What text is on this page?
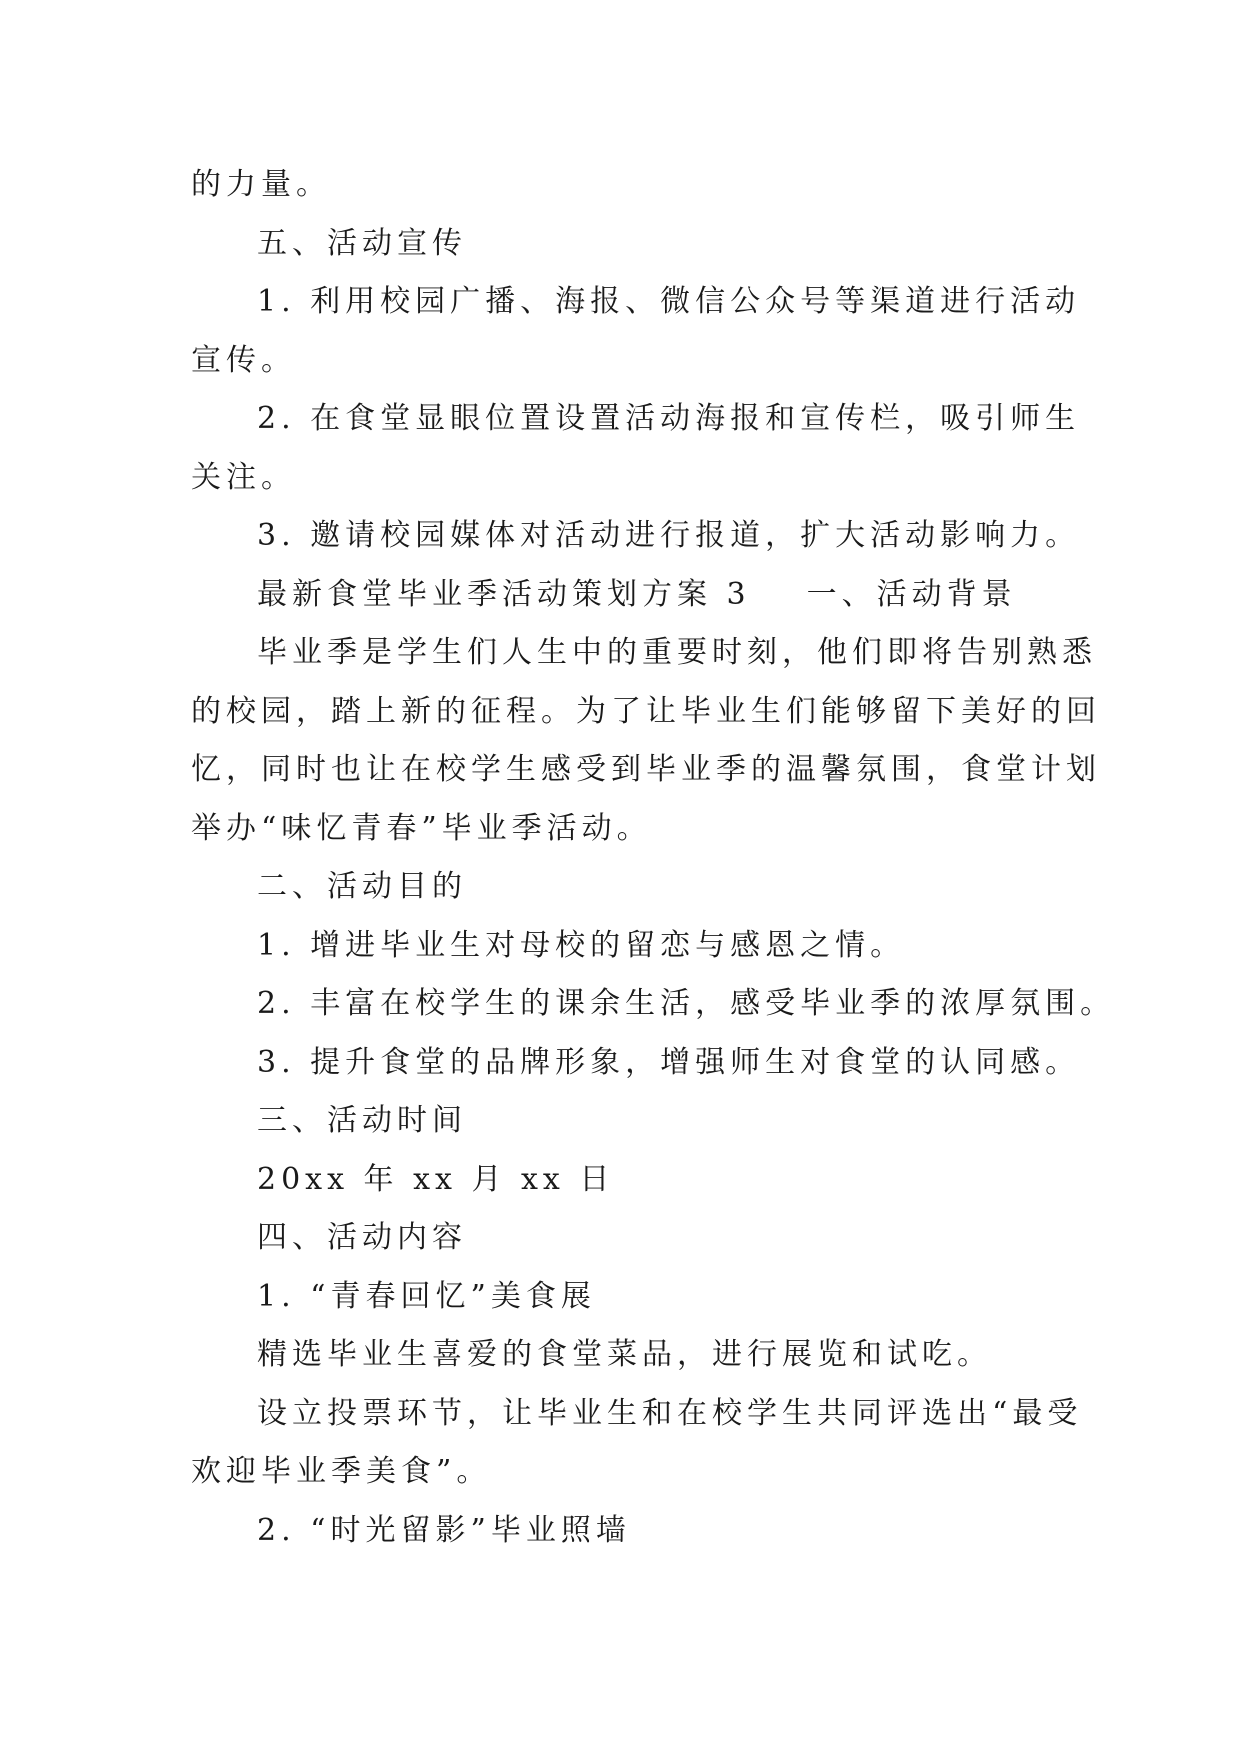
的力量。
五、活动宣传
1. 利用校园广播、海报、微信公众号等渠道进行活动
宣传。
2. 在食堂显眼位置设置活动海报和宣传栏，吸引师生
关注。
3. 邀请校园媒体对活动进行报道，扩大活动影响力。
最新食堂毕业季活动策划方案 3 一、活动背景
毕业季是学生们人生中的重要时刻，他们即将告别熟悉
的校园，踏上新的征程。为了让毕业生们能够留下美好的回
忆，同时也让在校学生感受到毕业季的温馨氛围，食堂计划
举办“味忆青春”毕业季活动。
二、活动目的
1. 增进毕业生对母校的留恋与感恩之情。
2. 丰富在校学生的课余生活，感受毕业季的浓厚氛围。
3. 提升食堂的品牌形象，增强师生对食堂的认同感。
三、活动时间
20xx 年 xx 月 xx 日
四、活动内容
1. “青春回忆”美食展
精选毕业生喜爱的食堂菜品，进行展览和试吃。
设立投票环节，让毕业生和在校学生共同评选出“最受
欢迎毕业季美食”。
2. “时光留影”毕业照墙
